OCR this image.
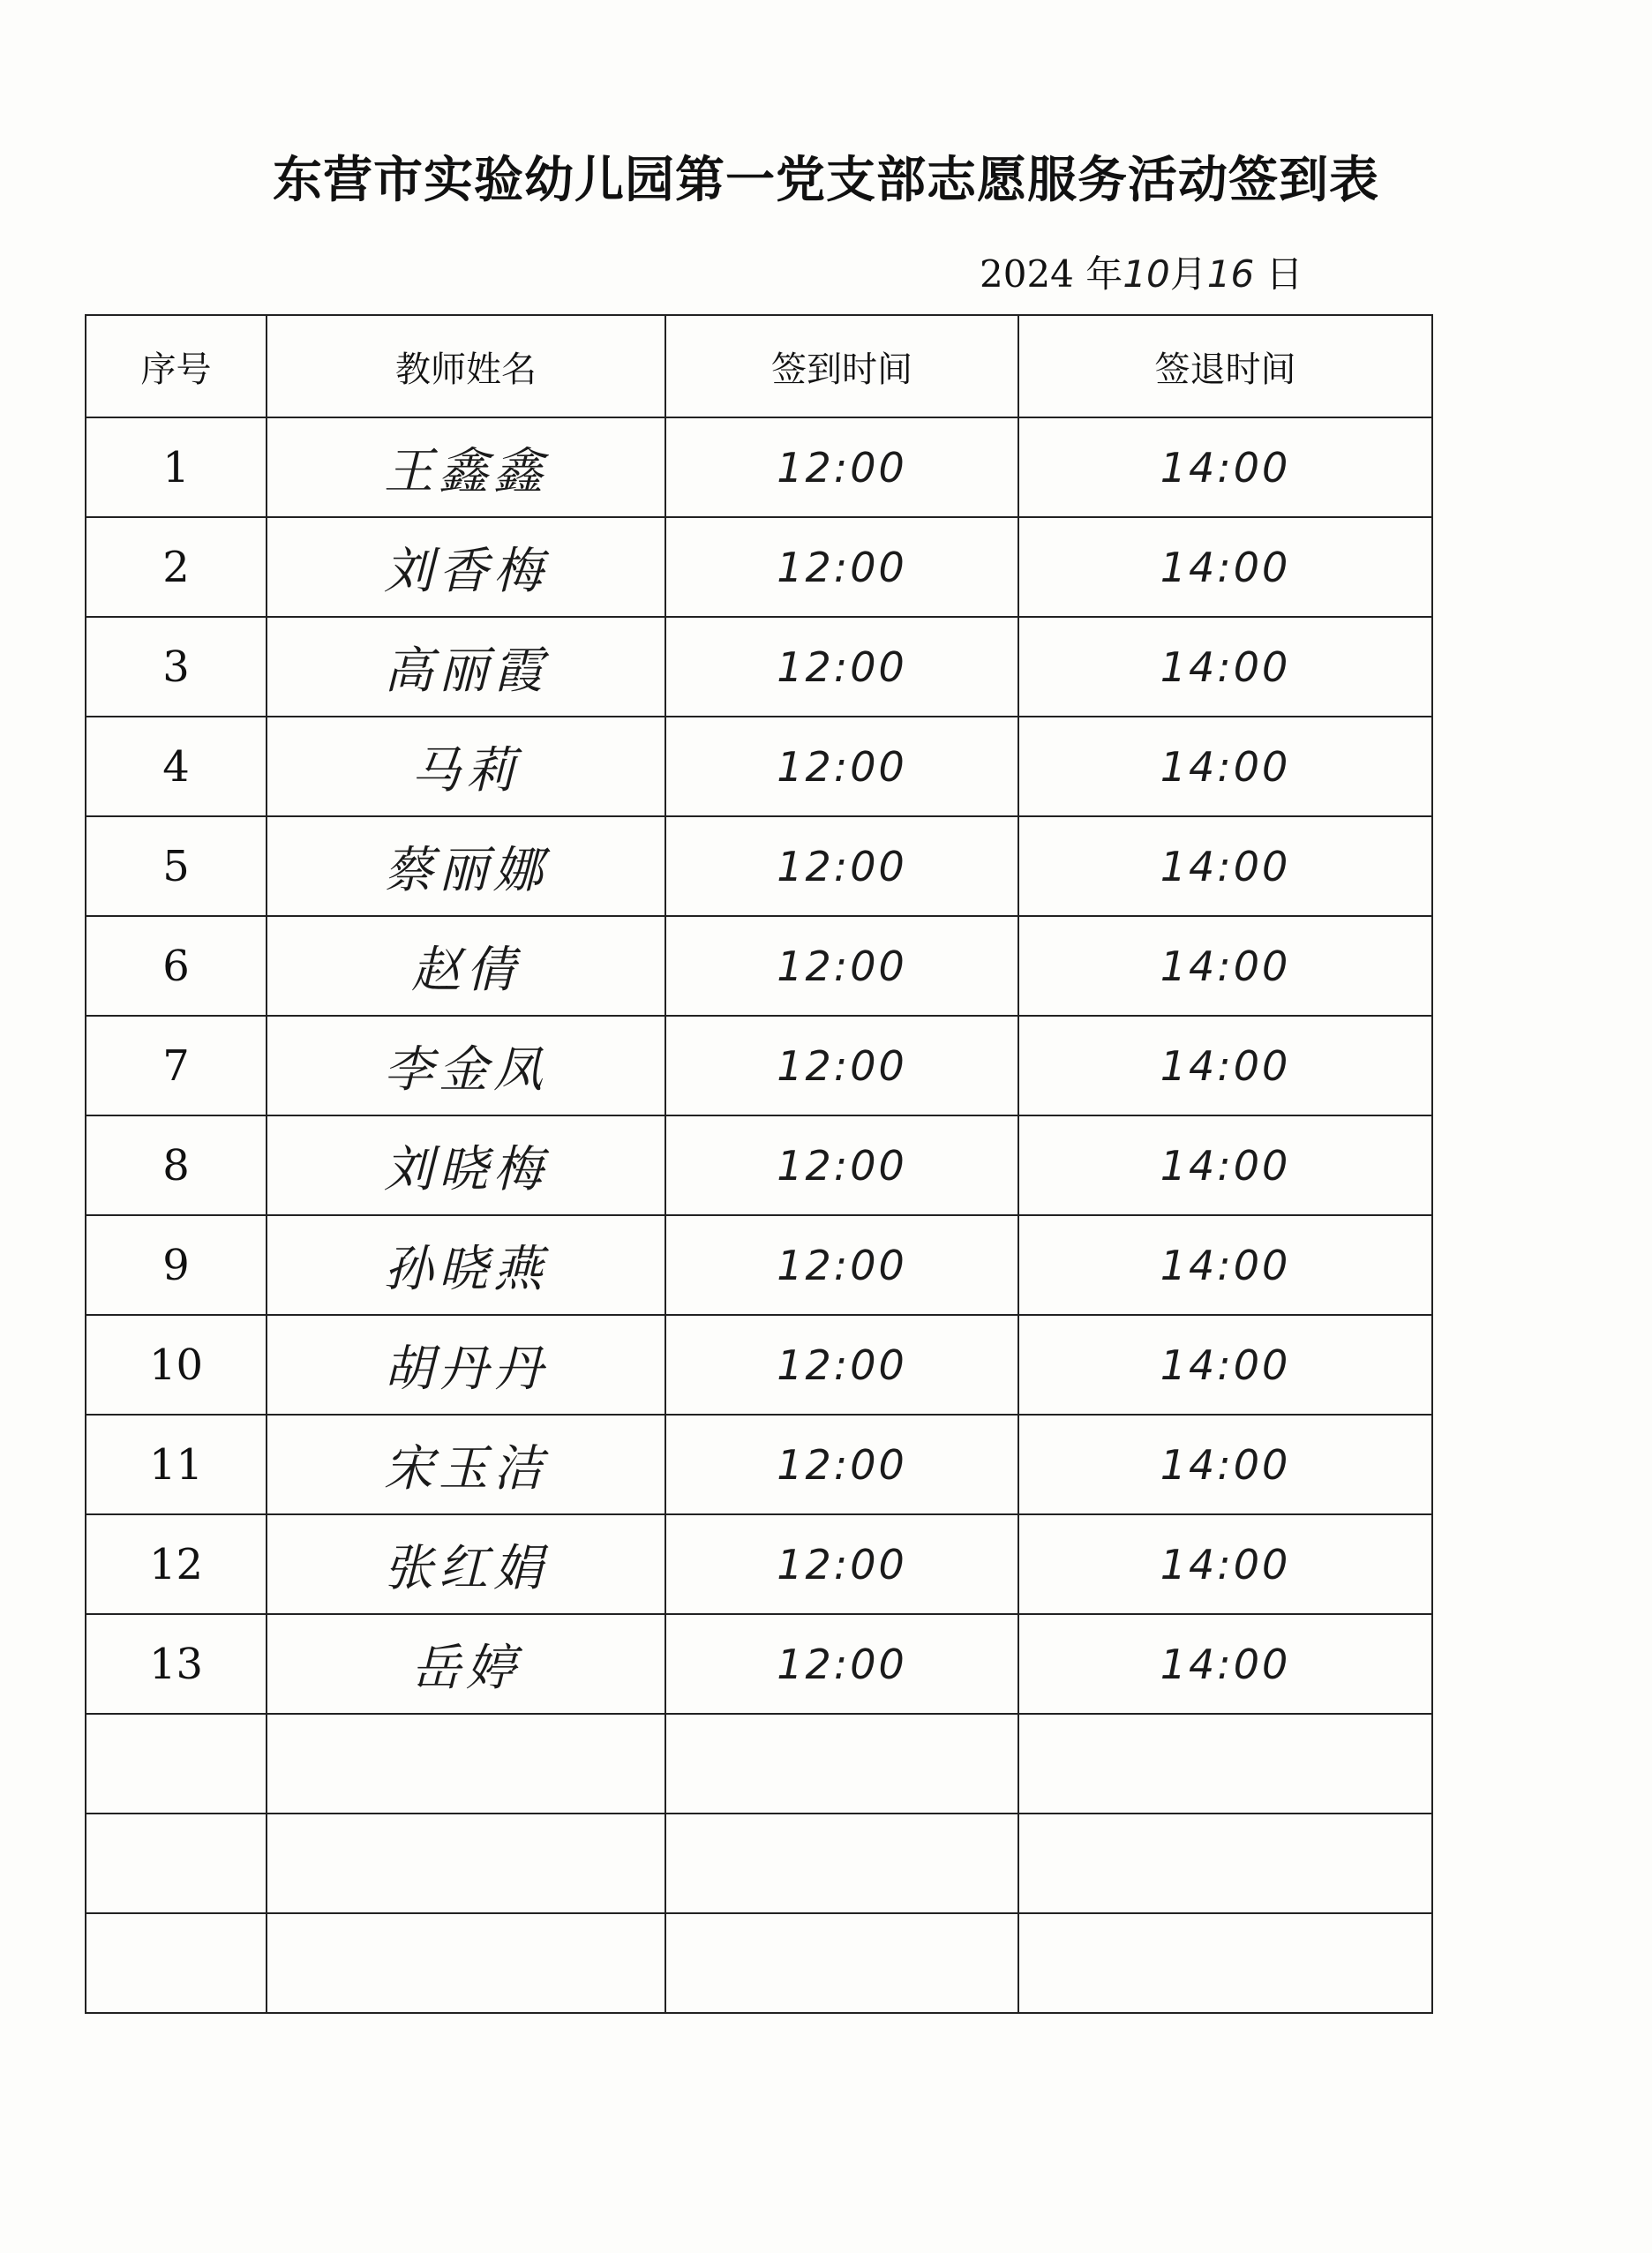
东营市实验幼儿园第一党支部志愿服务活动签到表
2024 年10月16 日
序号	教师姓名	签到时间	签退时间
1	王鑫鑫	12:00	14:00
2	刘香梅	12:00	14:00
3	高丽霞	12:00	14:00
4	马莉	12:00	14:00
5	蔡丽娜	12:00	14:00
6	赵倩	12:00	14:00
7	李金凤	12:00	14:00
8	刘晓梅	12:00	14:00
9	孙晓燕	12:00	14:00
10	胡丹丹	12:00	14:00
11	宋玉洁	12:00	14:00
12	张红娟	12:00	14:00
13	岳婷	12:00	14:00
